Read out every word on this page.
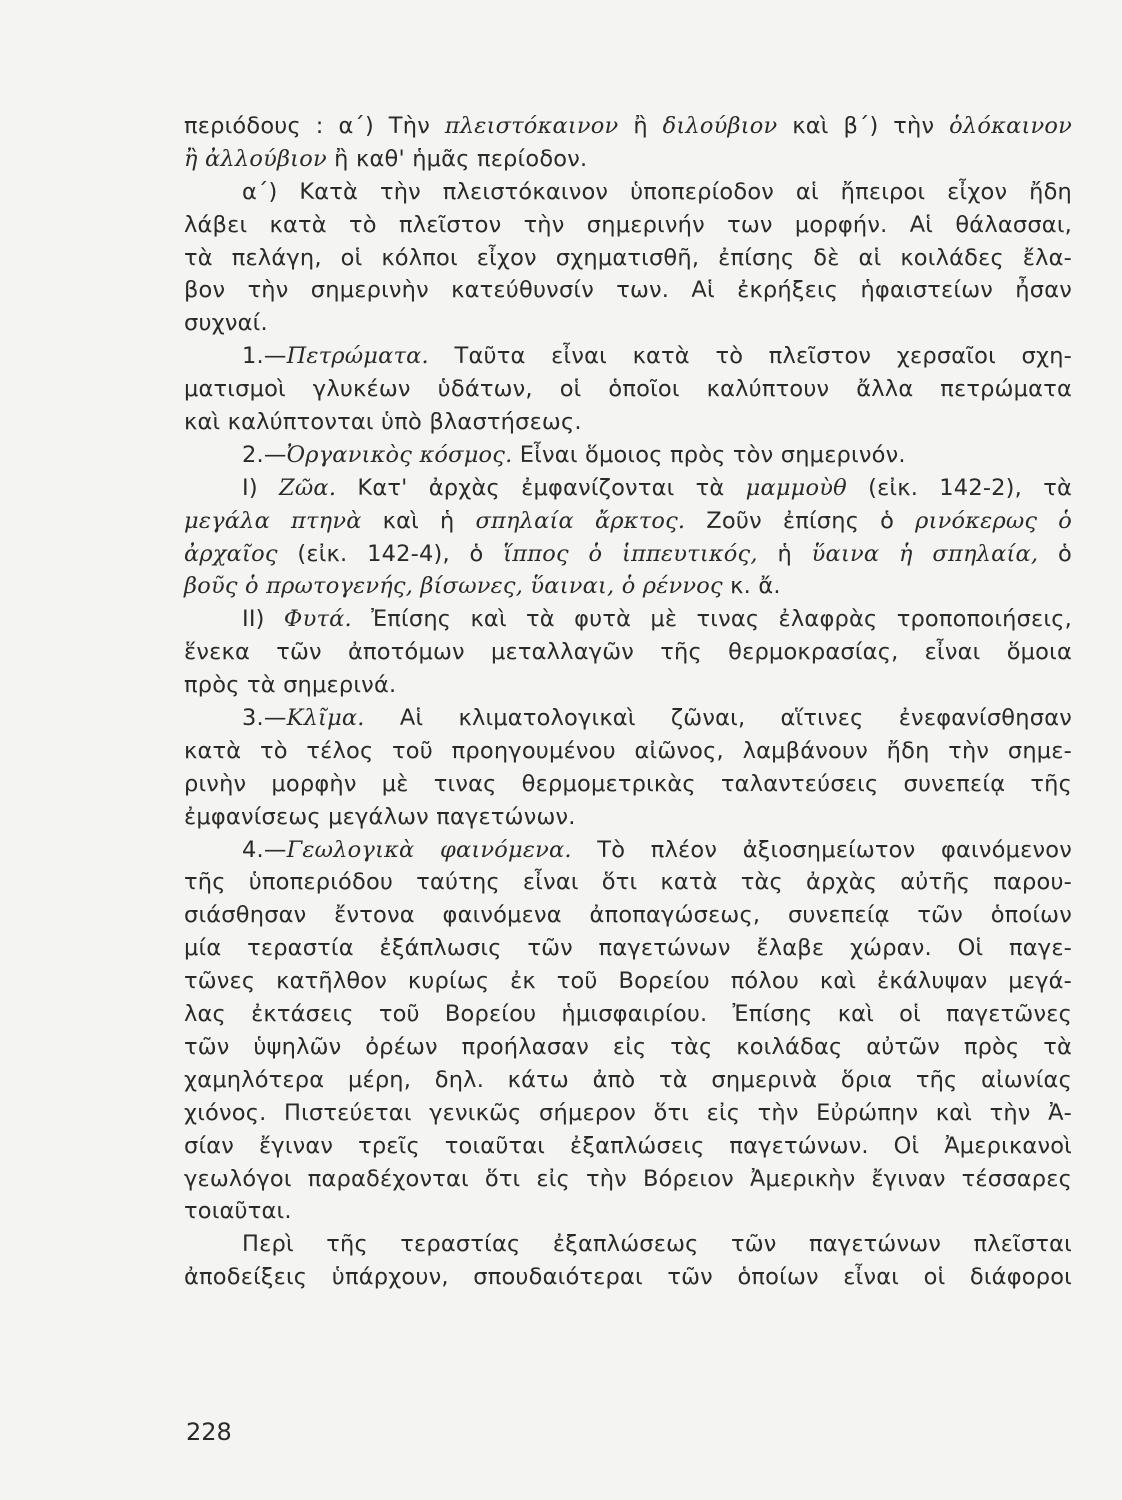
περιόδους : α΄) Τὴν πλειστόκαινον ἢ διλούβιον καὶ β΄) τὴν ὁλόκαινον
ἢ ἀλλούβιον ἢ καθ' ἡμᾶς περίοδον.
α΄) Κατὰ τὴν πλειστόκαινον ὑποπερίοδον αἱ ἤπειροι εἶχον ἤδη
λάβει κατὰ τὸ πλεῖστον τὴν σημερινήν των μορφήν. Αἱ θάλασσαι,
τὰ πελάγη, οἱ κόλποι εἶχον σχηματισθῆ, ἐπίσης δὲ αἱ κοιλάδες ἔλα-
βον τὴν σημερινὴν κατεύθυνσίν των. Αἱ ἐκρήξεις ἡφαιστείων ἦσαν
συχναί.
1.—Πετρώματα. Ταῦτα εἶναι κατὰ τὸ πλεῖστον χερσαῖοι σχη-
ματισμοὶ γλυκέων ὑδάτων, οἱ ὁποῖοι καλύπτουν ἄλλα πετρώματα
καὶ καλύπτονται ὑπὸ βλαστήσεως.
2.—Ὀργανικὸς κόσμος. Εἶναι ὅμοιος πρὸς τὸν σημερινόν.
I) Ζῶα. Κατ' ἀρχὰς ἐμφανίζονται τὰ μαμμοὺθ (εἰκ. 142-2), τὰ
μεγάλα πτηνὰ καὶ ἡ σπηλαία ἄρκτος. Ζοῦν ἐπίσης ὁ ρινόκερως ὁ
ἀρχαῖος (εἰκ. 142-4), ὁ ἵππος ὁ ἱππευτικός, ἡ ὕαινα ἡ σπηλαία, ὁ
βοῦς ὁ πρωτογενής, βίσωνες, ὕαιναι, ὁ ρέννος κ. ἄ.
II) Φυτά. Ἐπίσης καὶ τὰ φυτὰ μὲ τινας ἐλαφρὰς τροποποιήσεις,
ἕνεκα τῶν ἀποτόμων μεταλλαγῶν τῆς θερμοκρασίας, εἶναι ὅμοια
πρὸς τὰ σημερινά.
3.—Κλῖμα. Αἱ κλιματολογικαὶ ζῶναι, αἵτινες ἐνεφανίσθησαν
κατὰ τὸ τέλος τοῦ προηγουμένου αἰῶνος, λαμβάνουν ἤδη τὴν σημε-
ρινὴν μορφὴν μὲ τινας θερμομετρικὰς ταλαντεύσεις συνεπείᾳ τῆς
ἐμφανίσεως μεγάλων παγετώνων.
4.—Γεωλογικὰ φαινόμενα. Τὸ πλέον ἀξιοσημείωτον φαινόμενον
τῆς ὑποπεριόδου ταύτης εἶναι ὅτι κατὰ τὰς ἀρχὰς αὐτῆς παρου-
σιάσθησαν ἔντονα φαινόμενα ἀποπαγώσεως, συνεπείᾳ τῶν ὁποίων
μία τεραστία ἐξάπλωσις τῶν παγετώνων ἔλαβε χώραν. Οἱ παγε-
τῶνες κατῆλθον κυρίως ἐκ τοῦ Βορείου πόλου καὶ ἐκάλυψαν μεγά-
λας ἐκτάσεις τοῦ Βορείου ἡμισφαιρίου. Ἐπίσης καὶ οἱ παγετῶνες
τῶν ὑψηλῶν ὀρέων προήλασαν εἰς τὰς κοιλάδας αὐτῶν πρὸς τὰ
χαμηλότερα μέρη, δηλ. κάτω ἀπὸ τὰ σημερινὰ ὅρια τῆς αἰωνίας
χιόνος. Πιστεύεται γενικῶς σήμερον ὅτι εἰς τὴν Εὐρώπην καὶ τὴν Ἀ-
σίαν ἔγιναν τρεῖς τοιαῦται ἐξαπλώσεις παγετώνων. Οἱ Ἀμερικανοὶ
γεωλόγοι παραδέχονται ὅτι εἰς τὴν Βόρειον Ἀμερικὴν ἔγιναν τέσσαρες
τοιαῦται.
Περὶ τῆς τεραστίας ἐξαπλώσεως τῶν παγετώνων πλεῖσται
ἀποδείξεις ὑπάρχουν, σπουδαιότεραι τῶν ὁποίων εἶναι οἱ διάφοροι
228
